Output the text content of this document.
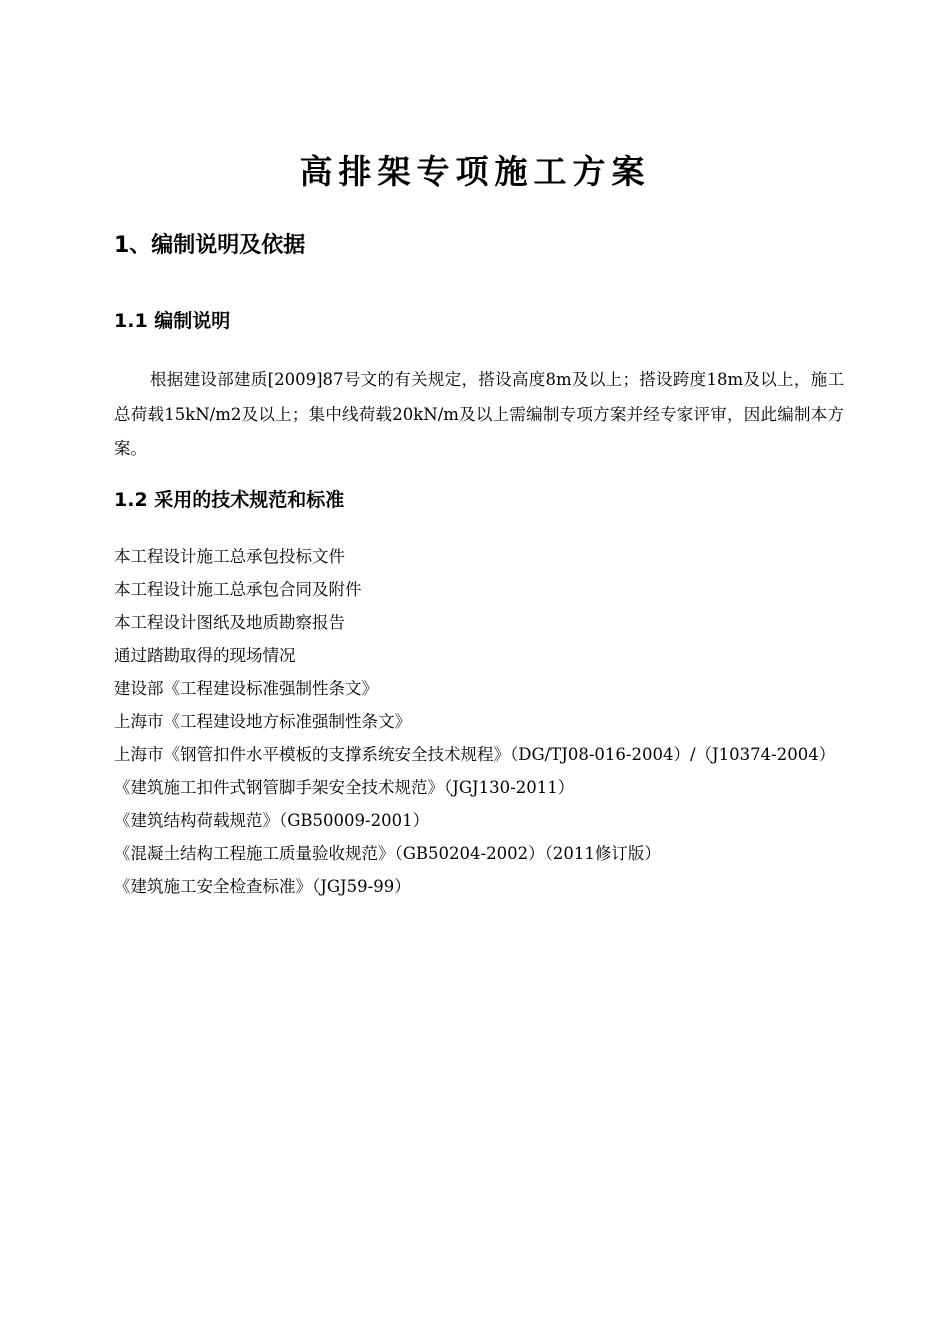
高排架专项施工方案
1、编制说明及依据
1.1 编制说明

根据建设部建质[2009]87号文的有关规定，搭设高度8m及以上；搭设跨度18m及以上，施工总荷载15kN/m2及以上；集中线荷载20kN/m及以上需编制专项方案并经专家评审，因此编制本方案。

1.2 采用的技术规范和标准
本工程设计施工总承包投标文件
本工程设计施工总承包合同及附件
本工程设计图纸及地质勘察报告
通过踏勘取得的现场情况
建设部《工程建设标准强制性条文》
上海市《工程建设地方标准强制性条文》
上海市《钢管扣件水平模板的支撑系统安全技术规程》（DG/TJ08-016-2004）/（J10374-2004）
《建筑施工扣件式钢管脚手架安全技术规范》（JGJ130-2011）
《建筑结构荷载规范》（GB50009-2001）
《混凝土结构工程施工质量验收规范》（GB50204-2002）（2011修订版）
《建筑施工安全检查标准》（JGJ59-99）
